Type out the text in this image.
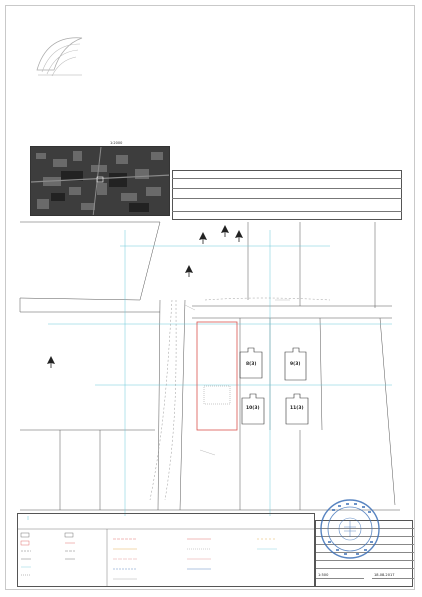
1:2000
8(3)	9(3)
10(3)	11(3)
1:500	18.08.2017
